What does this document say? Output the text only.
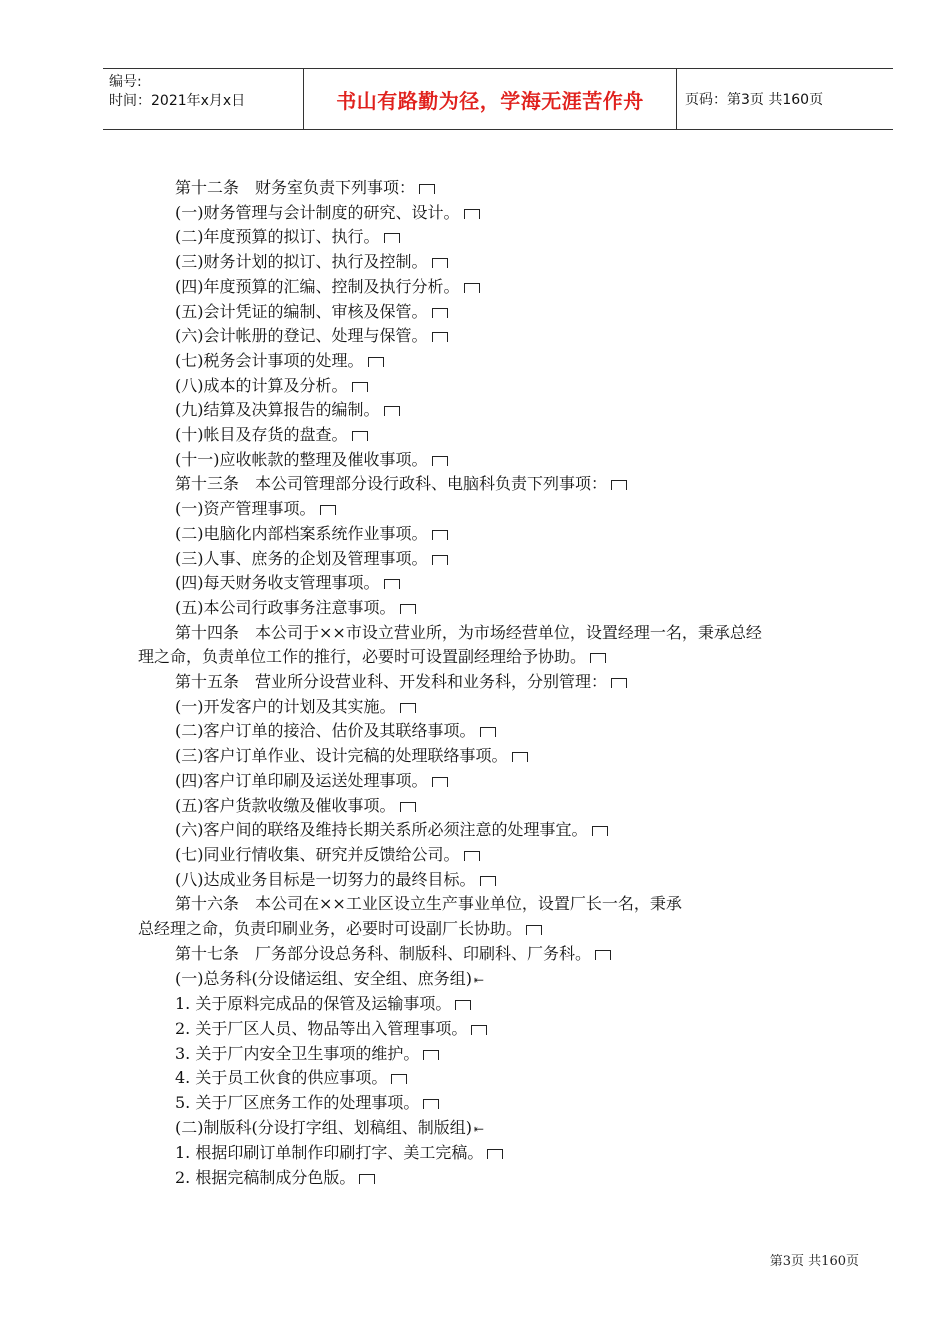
编号:
时间：2021年x月x日	书山有路勤为径，学海无涯苦作舟	页码：第3页 共160页
第十二条　财务室负责下列事项：
(一)财务管理与会计制度的研究、设计。
(二)年度预算的拟订、执行。
(三)财务计划的拟订、执行及控制。
(四)年度预算的汇编、控制及执行分析。
(五)会计凭证的编制、审核及保管。
(六)会计帐册的登记、处理与保管。
(七)税务会计事项的处理。
(八)成本的计算及分析。
(九)结算及决算报告的编制。
(十)帐目及存货的盘查。
(十一)应收帐款的整理及催收事项。
第十三条　本公司管理部分设行政科、电脑科负责下列事项：
(一)资产管理事项。
(二)电脑化内部档案系统作业事项。
(三)人事、庶务的企划及管理事项。
(四)每天财务收支管理事项。
(五)本公司行政事务注意事项。
第十四条　本公司于××市设立营业所，为市场经营单位，设置经理一名，秉承总经
理之命，负责单位工作的推行，必要时可设置副经理给予协助。
第十五条　营业所分设营业科、开发科和业务科，分别管理：
(一)开发客户的计划及其实施。
(二)客户订单的接洽、估价及其联络事项。
(三)客户订单作业、设计完稿的处理联络事项。
(四)客户订单印刷及运送处理事项。
(五)客户货款收缴及催收事项。
(六)客户间的联络及维持长期关系所必须注意的处理事宜。
(七)同业行情收集、研究并反馈给公司。
(八)达成业务目标是一切努力的最终目标。
第十六条　本公司在××工业区设立生产事业单位，设置厂长一名，秉承
总经理之命，负责印刷业务，必要时可设副厂长协助。
第十七条　厂务部分设总务科、制版科、印刷科、厂务科。
(一)总务科(分设储运组、安全组、庶务组) ⇤
1. 关于原料完成品的保管及运输事项。
2. 关于厂区人员、物品等出入管理事项。
3. 关于厂内安全卫生事项的维护。
4. 关于员工伙食的供应事项。
5. 关于厂区庶务工作的处理事项。
(二)制版科(分设打字组、划稿组、制版组) ⇤
1. 根据印刷订单制作印刷打字、美工完稿。
2. 根据完稿制成分色版。
第3页 共160页
